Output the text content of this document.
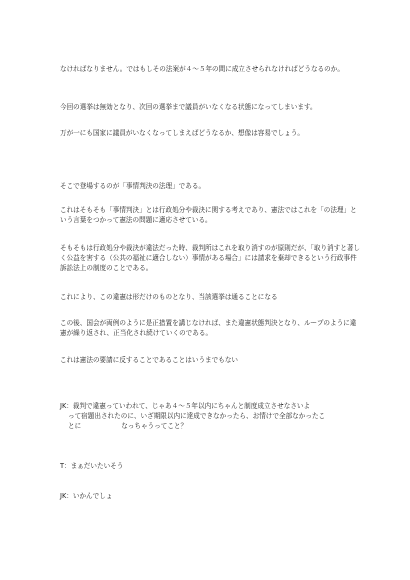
なければなりません。ではもしその法案が４～５年の間に成立させられなければどうなるのか。

今回の選挙は無効となり、次回の選挙まで議員がいなくなる状態になってしまいます。

万が一にも国家に議員がいなくなってしまえばどうなるか、想像は容易でしょう。

そこで登場するのが「事情判決の法理」である。

これはそもそも「事情判決」とは行政処分や裁決に関する考えであり、憲法ではこれを「の法理」という言葉をつかって憲法の問題に適応させている。

そもそもは行政処分や裁決が違法だった時、裁判所はこれを取り消すのが原則だが、「取り消すと著しく公益を害する（公共の福祉に適合しない）事情がある場合」には請求を棄却できるという行政事件訴訟法上の制度のことである。

これにより、この違憲は形だけのものとなり、当該選挙は通ることになる

この後、国会が両例のように是正措置を講じなければ、また違憲状態判決となり、ループのように違憲が繰り返され、正当化され続けていくのである。

これは憲法の要請に反することであることはいうまでもない

JK：裁判で違憲っていわれて、じゃあ４～５年以内にちゃんと制度成立させなさいよ
って宿題出されたのに、いざ期限以内に達成できなかったら、お情けで全部なかったこ
とに	なっちゃうってこと？

T：まぁだいたいそう

JK：いかんでしょ
